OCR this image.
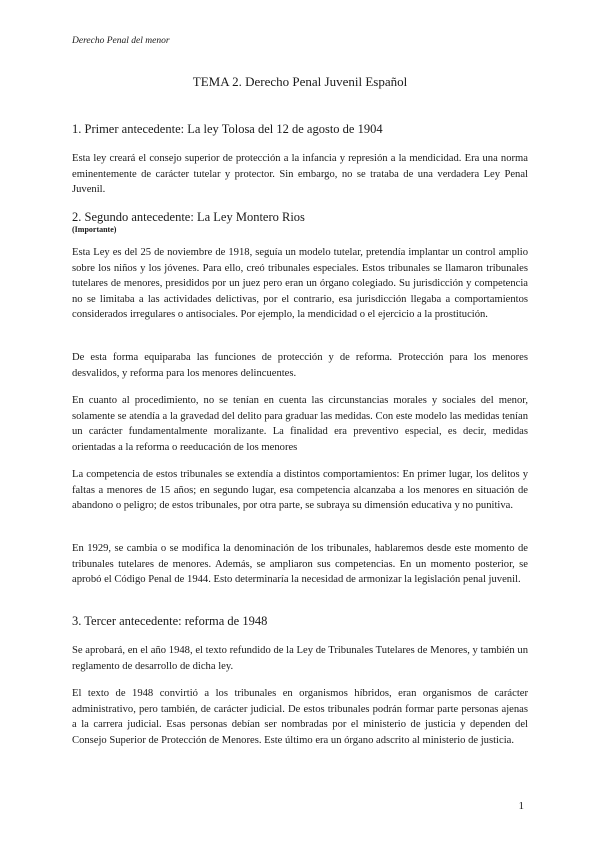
Derecho Penal del menor
TEMA 2. Derecho Penal Juvenil Español
1. Primer antecedente: La ley Tolosa del 12 de agosto de 1904

Esta ley creará el consejo superior de protección a la infancia y represión a la mendicidad. Era una norma eminentemente de carácter tutelar y protector. Sin embargo, no se trataba de una verdadera Ley Penal Juvenil.

2. Segundo antecedente: La Ley Montero Rios
(Importante)

Esta Ley es del 25 de noviembre de 1918, seguía un modelo tutelar, pretendía implantar un control amplio sobre los niños y los jóvenes. Para ello, creó tribunales especiales. Estos tribunales se llamaron tribunales tutelares de menores, presididos por un juez pero eran un órgano colegiado. Su jurisdicción y competencia no se limitaba a las actividades delictivas, por el contrario, esa jurisdicción llegaba a comportamientos considerados irregulares o antisociales. Por ejemplo, la mendicidad o el ejercicio a la prostitución.

De esta forma equiparaba las funciones de protección y de reforma. Protección para los menores desvalidos, y reforma para los menores delincuentes.

En cuanto al procedimiento, no se tenían en cuenta las circunstancias morales y sociales del menor, solamente se atendía a la gravedad del delito para graduar las medidas. Con este modelo las medidas tenían un carácter fundamentalmente moralizante. La finalidad era preventivo especial, es decir, medidas orientadas a la reforma o reeducación de los menores

La competencia de estos tribunales se extendía a distintos comportamientos: En primer lugar, los delitos y faltas a menores de 15 años; en segundo lugar, esa competencia alcanzaba a los menores en situación de abandono o peligro; de estos tribunales, por otra parte, se subraya su dimensión educativa y no punitiva.

En 1929, se cambia o se modifica la denominación de los tribunales, hablaremos desde este momento de tribunales tutelares de menores. Además, se ampliaron sus competencias. En un momento posterior, se aprobó el Código Penal de 1944. Esto determinaría la necesidad de armonizar la legislación penal juvenil.

3. Tercer antecedente: reforma de 1948

Se aprobará, en el año 1948, el texto refundido de la Ley de Tribunales Tutelares de Menores, y también un reglamento de desarrollo de dicha ley.

El texto de 1948 convirtió a los tribunales en organismos híbridos, eran organismos de carácter administrativo, pero también, de carácter judicial. De estos tribunales podrán formar parte personas ajenas a la carrera judicial. Esas personas debían ser nombradas por el ministerio de justicia y dependen del Consejo Superior de Protección de Menores. Este último era un órgano adscrito al ministerio de justicia.

1
